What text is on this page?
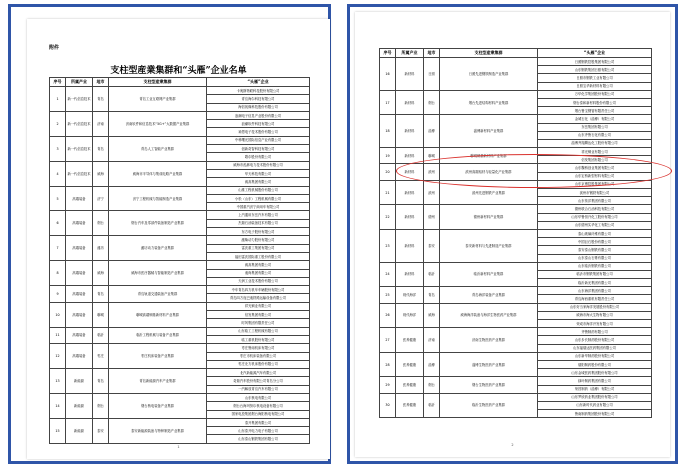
附件
支柱型産業集群和“头雁”企业名单
序号	所属产业	地市	支柱型産業集群	“头雁”企业
1	新一代信息技术	青岛	青岛工业互联网产业集群	卡奥斯物联科技股份有限公司
				青岛海尔科技有限公司
				海信视像科技股份有限公司
2	新一代信息技术	济南	济南软件和信息技术“5G+”大数据产业集群	浪潮电子信息产业股份有限公司
				浪潮软件科技有限公司
				神思电子技术股份有限公司
3	新一代信息技术	青岛	青岛人工智能产业集群	中科曙光国际信息产业有限公司
				创新奇智科技有限公司
				歌尔股份有限公司
4	新一代信息技术	威海	威海市半导体与集成电路产业集群	威海市泓淋电力技术股份有限公司
				华天科技有限公司
				威高集团有限公司
5	高端装备	济宁	济宁工程机械与智能制造产业集群	山推工程机械股份有限公司
				小松（山东）工程机械有限公司
				中国重汽济宁商用车有限公司
6	高端装备	烟台	烟台汽车及零部件装备制造产业集群	上汽通用东岳汽车有限公司
				杰瑞石油装备技术有限公司
				东方电子股份有限公司
7	高端装备	潍坊	潍坊动力装备产业集群	潍柴动力股份有限公司
				雷沃重工集团有限公司
				福田雷沃国际重工股份有限公司
8	高端装备	威海	威海市医疗器械与智能制造产业集群	威高集团有限公司
				迪尚集团有限公司
				天润工业技术股份有限公司
9	高端装备	青岛	青岛轨道交通装备产业集群	中车青岛四方机车车辆股份有限公司
				青岛四方庞巴迪铁路运输设备有限公司
10	高端装备	聊城	聊城高端铜基新材料产业集群	祥光铜业有限公司
				信发集团有限公司
				时风集团有限责任公司
11	高端装备	临沂	临沂工程机械与装备产业集群	山东临工工程机械有限公司
				临工重机股份有限公司
12	高端装备	枣庄	枣庄机床装备产业集群	枣庄鲁南机床有限公司
				枣庄市机床装备有限公司
				枣庄北方机床股份有限公司
13	新能源	青岛	青岛新能源汽车产业集群	北汽新能源汽车有限公司
				奇瑞汽车股份有限公司青岛分公司
				一汽解放青岛汽车有限公司
14	新能源	烟台	烟台核电装备产业集群	山东核电有限公司
				烟台台海玛努尔核电设备有限公司
				国家电投集团烟台海阳核电有限公司
15	新能源	泰安	泰安新能源装备与特种制造产业集群	泰开集团有限公司
				山东泰开电力电子有限公司
				山东泰山钢铁集团有限公司
1
序号	所属产业	地市	支柱型産業集群	“头雁”企业
16	新材料	日照	日照先进钢铁制造产业集群	日照钢铁控股集团有限公司
				山东钢铁集团日照有限公司
				日照市钢铁工业有限公司
				日照宝华新材料有限公司
17	新材料	烟台	烟台先进结构材料产业集群	万华化学集团股份有限公司
				烟台泰和新材料股份有限公司
				烟台鲁宝钢管有限责任公司
18	新材料	淄博	淄博新材料产业集群	金城石化（淄博）有限公司
				东岳集团有限公司
				山东齐鲁石化有限公司
				淄博齐翔腾达化工股份有限公司
19	新材料	聊城	聊城铜基新材料产业集群	祥光铜业有限公司
				信发集团有限公司
20	新材料	滨州	滨州高端铝材与轻量化产业集群	山东魏桥创业集团有限公司
				山东宏桥新型材料有限公司
21	新材料	滨州	滨州先进钢铁产业集群	山东京博控股集团有限公司
				滨州市钢铁有限公司
				山东传洋集团有限公司
22	新材料	德州	德州新材料产业集群	德州联合石油科技有限公司
				山东华鲁恒升化工股份有限公司
				山东德州实华化工有限公司
23	新材料	泰安	泰安新材料与先进制造产业集群	泰山玻璃纤维有限公司
				中国巨石股份有限公司
				泰安泰山钢铁有限公司
				山东泰山石膏有限公司
24	新材料	临沂	临沂新材料产业集群	山东临沂钢铁有限公司
				临沂市钢铁集团有限公司
				临沂新光集团有限公司
25	现代海洋	青岛	青岛海洋装备产业集群	山东海洋集团有限公司
				青岛海西重机有限责任公司
26	现代海洋	威海	威海海洋装备与海洋生物医药产业集群	山东好当家海洋发展股份有限公司
				威海市海大生物有限公司
				荣成市海洋开发有限公司
27	医养健康	济南	济南生物医药产业集群	齐鲁制药有限公司
				山东步长制药股份有限公司
				山东福瑞达医药集团有限公司
28	医养健康	淄博	淄博生物医药产业集群	山东新华制药股份有限公司
				瑞阳制药股份有限公司
				山东金城医药集团股份有限公司
29	医养健康	烟台	烟台生物医药产业集群	绿叶制药集团有限公司
				荣昌制药（淄博）有限公司
30	医养健康	临沂	临沂生物医药产业集群	山东罗欣药业集团股份有限公司
				山东新时代药业有限公司
				鲁南制药集团股份有限公司
2
